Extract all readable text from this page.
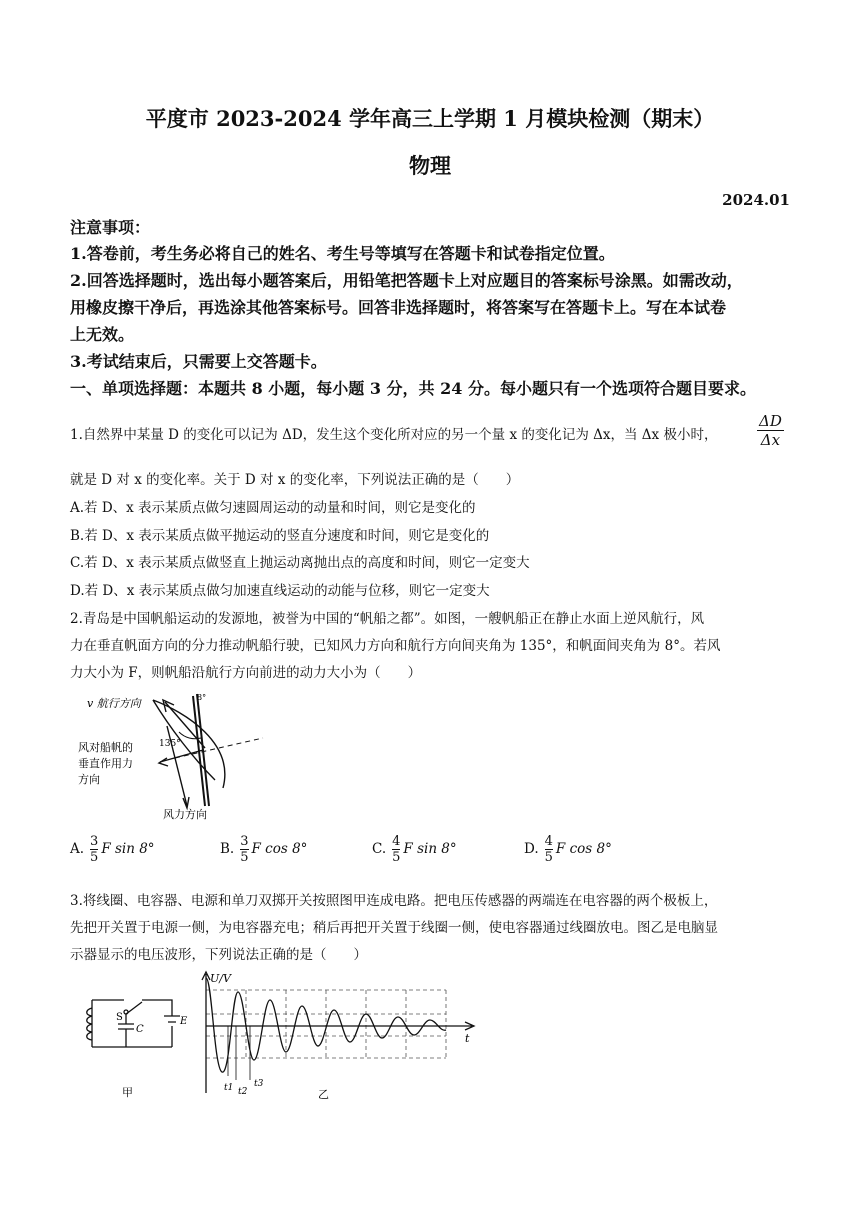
平度市 2023-2024 学年高三上学期 1 月模块检测（期末）
物理
2024.01
注意事项：
1.答卷前，考生务必将自己的姓名、考生号等填写在答题卡和试卷指定位置。
2.回答选择题时，选出每小题答案后，用铅笔把答题卡上对应题目的答案标号涂黑。如需改动，
用橡皮擦干净后，再选涂其他答案标号。回答非选择题时，将答案写在答题卡上。写在本试卷
上无效。
3.考试结束后，只需要上交答题卡。
一、单项选择题：本题共 8 小题，每小题 3 分，共 24 分。每小题只有一个选项符合题目要求。
1.自然界中某量 D 的变化可以记为 ΔD，发生这个变化所对应的另一个量 x 的变化记为 Δx，当 Δx 极小时，	$\frac{\Delta D}{\Delta x}$
就是 D 对 x 的变化率。关于 D 对 x 的变化率，下列说法正确的是（　　）
A.若 D、x 表示某质点做匀速圆周运动的动量和时间，则它是变化的
B.若 D、x 表示某质点做平抛运动的竖直分速度和时间，则它是变化的
C.若 D、x 表示某质点做竖直上抛运动离抛出点的高度和时间，则它一定变大
D.若 D、x 表示某质点做匀加速直线运动的动能与位移，则它一定变大
2.青岛是中国帆船运动的发源地，被誉为中国的“帆船之都”。如图，一艘帆船正在静止水面上逆风航行，风
力在垂直帆面方向的分力推动帆船行驶，已知风力方向和航行方向间夹角为 135°，和帆面间夹角为 8°。若风
力大小为 F，则帆船沿航行方向前进的动力大小为（　　）
v 航行方向
135°
8°
风对船帆的
垂直作用力
方向
风力方向
A. $\frac{3}{5}$ F sin 8°	B. $\frac{3}{5}$ F cos 8°	C. $\frac{4}{5}$ F sin 8°	D. $\frac{4}{5}$ F cos 8°
3.将线圈、电容器、电源和单刀双掷开关按照图甲连成电路。把电压传感器的两端连在电容器的两个极板上，
先把开关置于电源一侧，为电容器充电；稍后再把开关置于线圈一侧，使电容器通过线圈放电。图乙是电脑显
示器显示的电压波形，下列说法正确的是（　　）
S
C
E
甲
U/V
t
t1 t2
t3
乙
